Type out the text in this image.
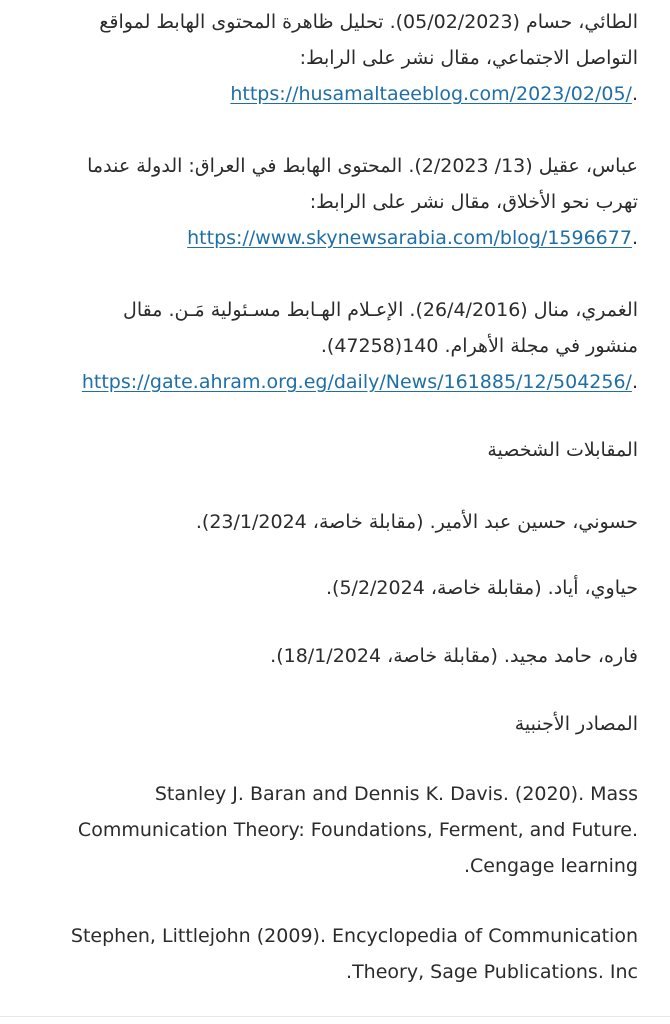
الطائي، حسام (05/02/2023). تحليل ظاهرة المحتوى الهابط لمواقع
التواصل الاجتماعي، مقال نشر على الرابط:
https://husamaltaeeblog.com/2023/02/05/.
عباس، عقيل (13/ 2/2023). المحتوى الهابط في العراق: الدولة عندما
تهرب نحو الأخلاق، مقال نشر على الرابط:
https://www.skynewsarabia.com/blog/1596677.
الغمري، منال (26/4/2016). الإعـلام الهـابط مسـئولية مَـن. مقال
منشور في مجلة الأهرام. 140(47258).
https://gate.ahram.org.eg/daily/News/161885/12/504256/.
المقابلات الشخصية
حسوني، حسين عبد الأمير. (مقابلة خاصة، 23/1/2024).
حياوي، أياد. (مقابلة خاصة، 5/2/2024).
فاره، حامد مجيد. (مقابلة خاصة، 18/1/2024).
المصادر الأجنبية
Stanley J. Baran and Dennis K. Davis. (2020). Mass
Communication Theory: Foundations, Ferment, and Future.
.Cengage learning
Stephen, Littlejohn (2009). Encyclopedia of Communication
.Theory, Sage Publications. Inc
